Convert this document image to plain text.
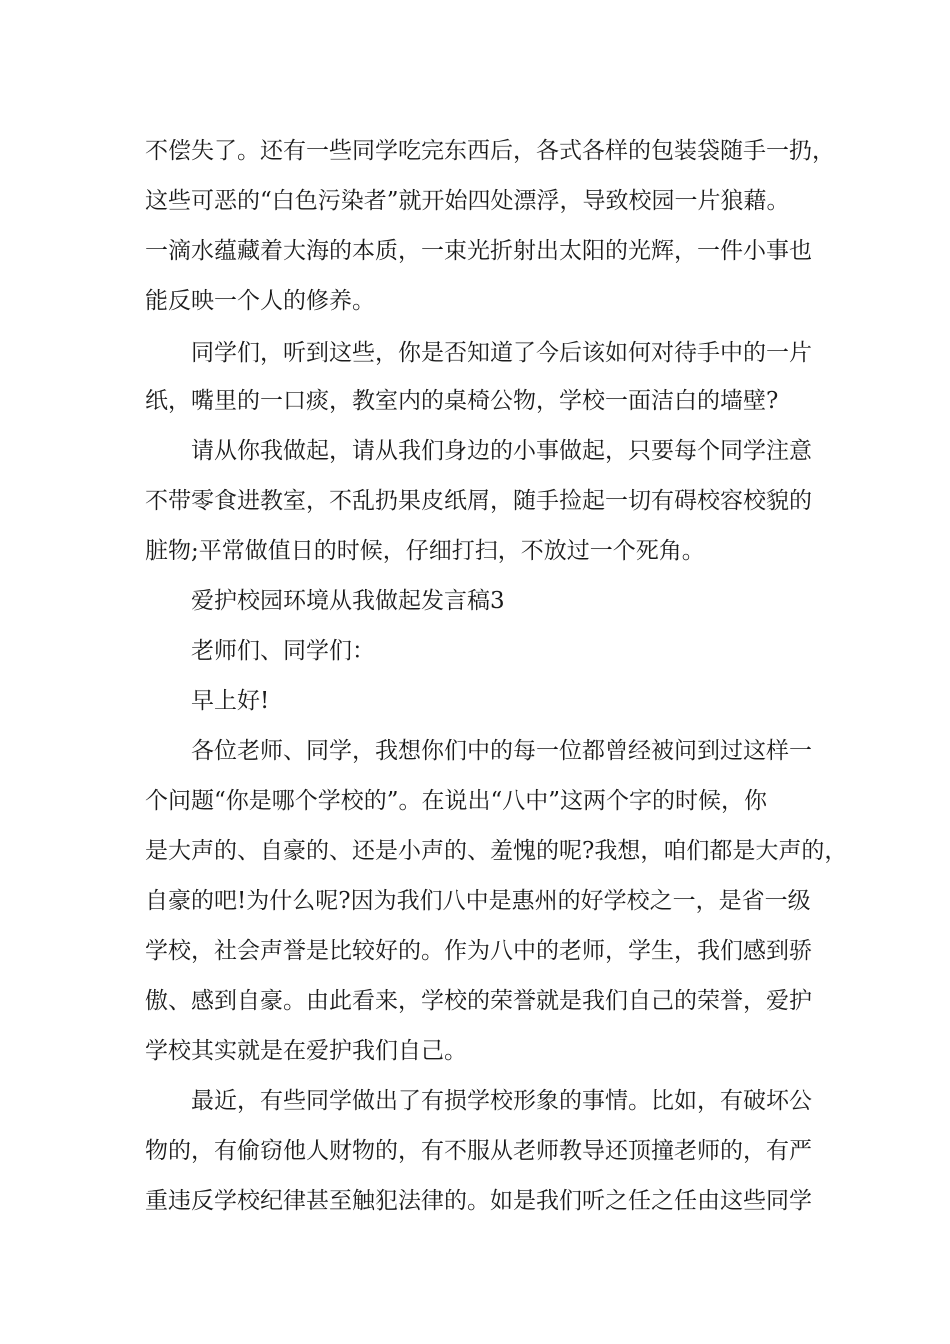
不偿失了。还有一些同学吃完东西后，各式各样的包装袋随手一扔，
这些可恶的“白色污染者”就开始四处漂浮，导致校园一片狼藉。
一滴水蕴藏着大海的本质，一束光折射出太阳的光辉，一件小事也
能反映一个人的修养。
同学们，听到这些，你是否知道了今后该如何对待手中的一片
纸，嘴里的一口痰，教室内的桌椅公物，学校一面洁白的墙壁?
请从你我做起，请从我们身边的小事做起，只要每个同学注意
不带零食进教室，不乱扔果皮纸屑，随手捡起一切有碍校容校貌的
脏物;平常做值日的时候，仔细打扫，不放过一个死角。
爱护校园环境从我做起发言稿3
老师们、同学们：
早上好!
各位老师、同学，我想你们中的每一位都曾经被问到过这样一
个问题“你是哪个学校的”。在说出“八中”这两个字的时候，你
是大声的、自豪的、还是小声的、羞愧的呢?我想，咱们都是大声的，
自豪的吧!为什么呢?因为我们八中是惠州的好学校之一，是省一级
学校，社会声誉是比较好的。作为八中的老师，学生，我们感到骄
傲、感到自豪。由此看来，学校的荣誉就是我们自己的荣誉，爱护
学校其实就是在爱护我们自己。
最近，有些同学做出了有损学校形象的事情。比如，有破坏公
物的，有偷窃他人财物的，有不服从老师教导还顶撞老师的，有严
重违反学校纪律甚至触犯法律的。如是我们听之任之任由这些同学
